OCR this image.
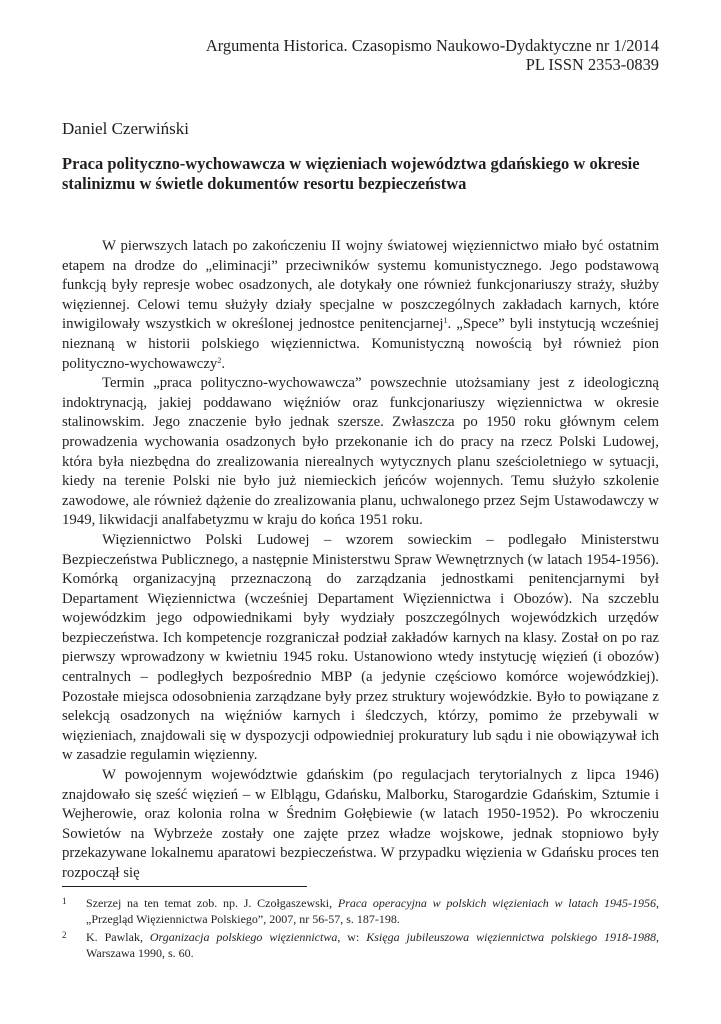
Argumenta Historica. Czasopismo Naukowo-Dydaktyczne nr 1/2014
PL ISSN 2353-0839
Daniel Czerwiński
Praca polityczno-wychowawcza w więzieniach województwa gdańskiego w okresie stalinizmu w świetle dokumentów resortu bezpieczeństwa

W pierwszych latach po zakończeniu II wojny światowej więziennictwo miało być ostatnim etapem na drodze do „eliminacji” przeciwników systemu komunistycznego. Jego podstawową funkcją były represje wobec osadzonych, ale dotykały one również funkcjonariuszy straży, służby więziennej. Celowi temu służyły działy specjalne w poszczególnych zakładach karnych, które inwigilowały wszystkich w określonej jednostce penitencjarnej$^1$. „Spece” byli instytucją wcześniej nieznaną w historii polskiego więziennictwa. Komunistyczną nowością był również pion polityczno-wychowawczy$^2$.

Termin „praca polityczno-wychowawcza” powszechnie utożsamiany jest z ideologiczną indoktrynacją, jakiej poddawano więźniów oraz funkcjonariuszy więziennictwa w okresie stalinowskim. Jego znaczenie było jednak szersze. Zwłaszcza po 1950 roku głównym celem prowadzenia wychowania osadzonych było przekonanie ich do pracy na rzecz Polski Ludowej, która była niezbędna do zrealizowania nierealnych wytycznych planu sześcioletniego w sytuacji, kiedy na terenie Polski nie było już niemieckich jeńców wojennych. Temu służyło szkolenie zawodowe, ale również dążenie do zrealizowania planu, uchwalonego przez Sejm Ustawodawczy w 1949, likwidacji analfabetyzmu w kraju do końca 1951 roku.

Więziennictwo Polski Ludowej – wzorem sowieckim – podlegało Ministerstwu Bezpieczeństwa Publicznego, a następnie Ministerstwu Spraw Wewnętrznych (w latach 1954-1956). Komórką organizacyjną przeznaczoną do zarządzania jednostkami penitencjarnymi był Departament Więziennictwa (wcześniej Departament Więziennictwa i Obozów). Na szczeblu wojewódzkim jego odpowiednikami były wydziały poszczególnych wojewódzkich urzędów bezpieczeństwa. Ich kompetencje rozgraniczał podział zakładów karnych na klasy. Został on po raz pierwszy wprowadzony w kwietniu 1945 roku. Ustanowiono wtedy instytucję więzień (i obozów) centralnych – podległych bezpośrednio MBP (a jedynie częściowo komórce wojewódzkiej). Pozostałe miejsca odosobnienia zarządzane były przez struktury wojewódzkie. Było to powiązane z selekcją osadzonych na więźniów karnych i śledczych, którzy, pomimo że przebywali w więzieniach, znajdowali się w dyspozycji odpowiedniej prokuratury lub sądu i nie obowiązywał ich w zasadzie regulamin więzienny.

W powojennym województwie gdańskim (po regulacjach terytorialnych z lipca 1946) znajdowało się sześć więzień – w Elblągu, Gdańsku, Malborku, Starogardzie Gdańskim, Sztumie i Wejherowie, oraz kolonia rolna w Średnim Gołębiewie (w latach 1950-1952). Po wkroczeniu Sowietów na Wybrzeże zostały one zajęte przez władze wojskowe, jednak stopniowo były przekazywane lokalnemu aparatowi bezpieczeństwa. W przypadku więzienia w Gdańsku proces ten rozpoczął się

1 Szerzej na ten temat zob. np. J. Czołgaszewski, Praca operacyjna w polskich więzieniach w latach 1945-1956, „Przegląd Więziennictwa Polskiego”, 2007, nr 56-57, s. 187-198.
2 K. Pawlak, Organizacja polskiego więziennictwa, w: Księga jubileuszowa więziennictwa polskiego 1918-1988, Warszawa 1990, s. 60.
